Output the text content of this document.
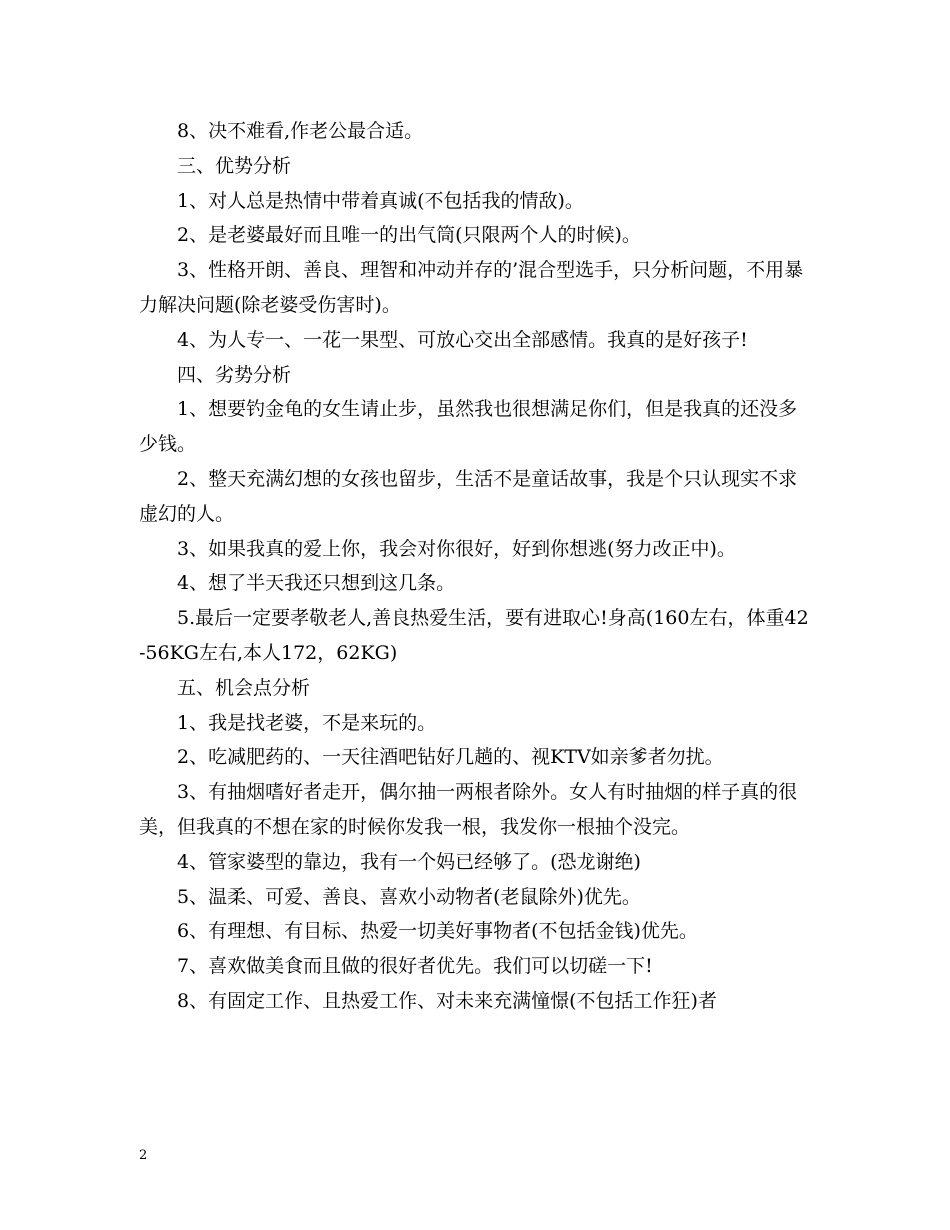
8、决不难看,作老公最合适。

三、优势分析

1、对人总是热情中带着真诚(不包括我的情敌)。

2、是老婆最好而且唯一的出气筒(只限两个人的时候)。

3、性格开朗、善良、理智和冲动并存的’混合型选手，只分析问题，不用暴力解决问题(除老婆受伤害时)。

4、为人专一、一花一果型、可放心交出全部感情。我真的是好孩子!

四、劣势分析

1、想要钓金龟的女生请止步，虽然我也很想满足你们，但是我真的还没多少钱。

2、整天充满幻想的女孩也留步，生活不是童话故事，我是个只认现实不求虚幻的人。

3、如果我真的爱上你，我会对你很好，好到你想逃(努力改正中)。

4、想了半天我还只想到这几条。

5.最后一定要孝敬老人,善良热爱生活，要有进取心!身高(160左右，体重42-56KG左右,本人172，62KG)

五、机会点分析

1、我是找老婆，不是来玩的。

2、吃减肥药的、一天往酒吧钻好几趟的、视KTV如亲爹者勿扰。

3、有抽烟嗜好者走开，偶尔抽一两根者除外。女人有时抽烟的样子真的很美，但我真的不想在家的时候你发我一根，我发你一根抽个没完。

4、管家婆型的靠边，我有一个妈已经够了。(恐龙谢绝)

5、温柔、可爱、善良、喜欢小动物者(老鼠除外)优先。

6、有理想、有目标、热爱一切美好事物者(不包括金钱)优先。

7、喜欢做美食而且做的很好者优先。我们可以切磋一下!

8、有固定工作、且热爱工作、对未来充满憧憬(不包括工作狂)者

2
